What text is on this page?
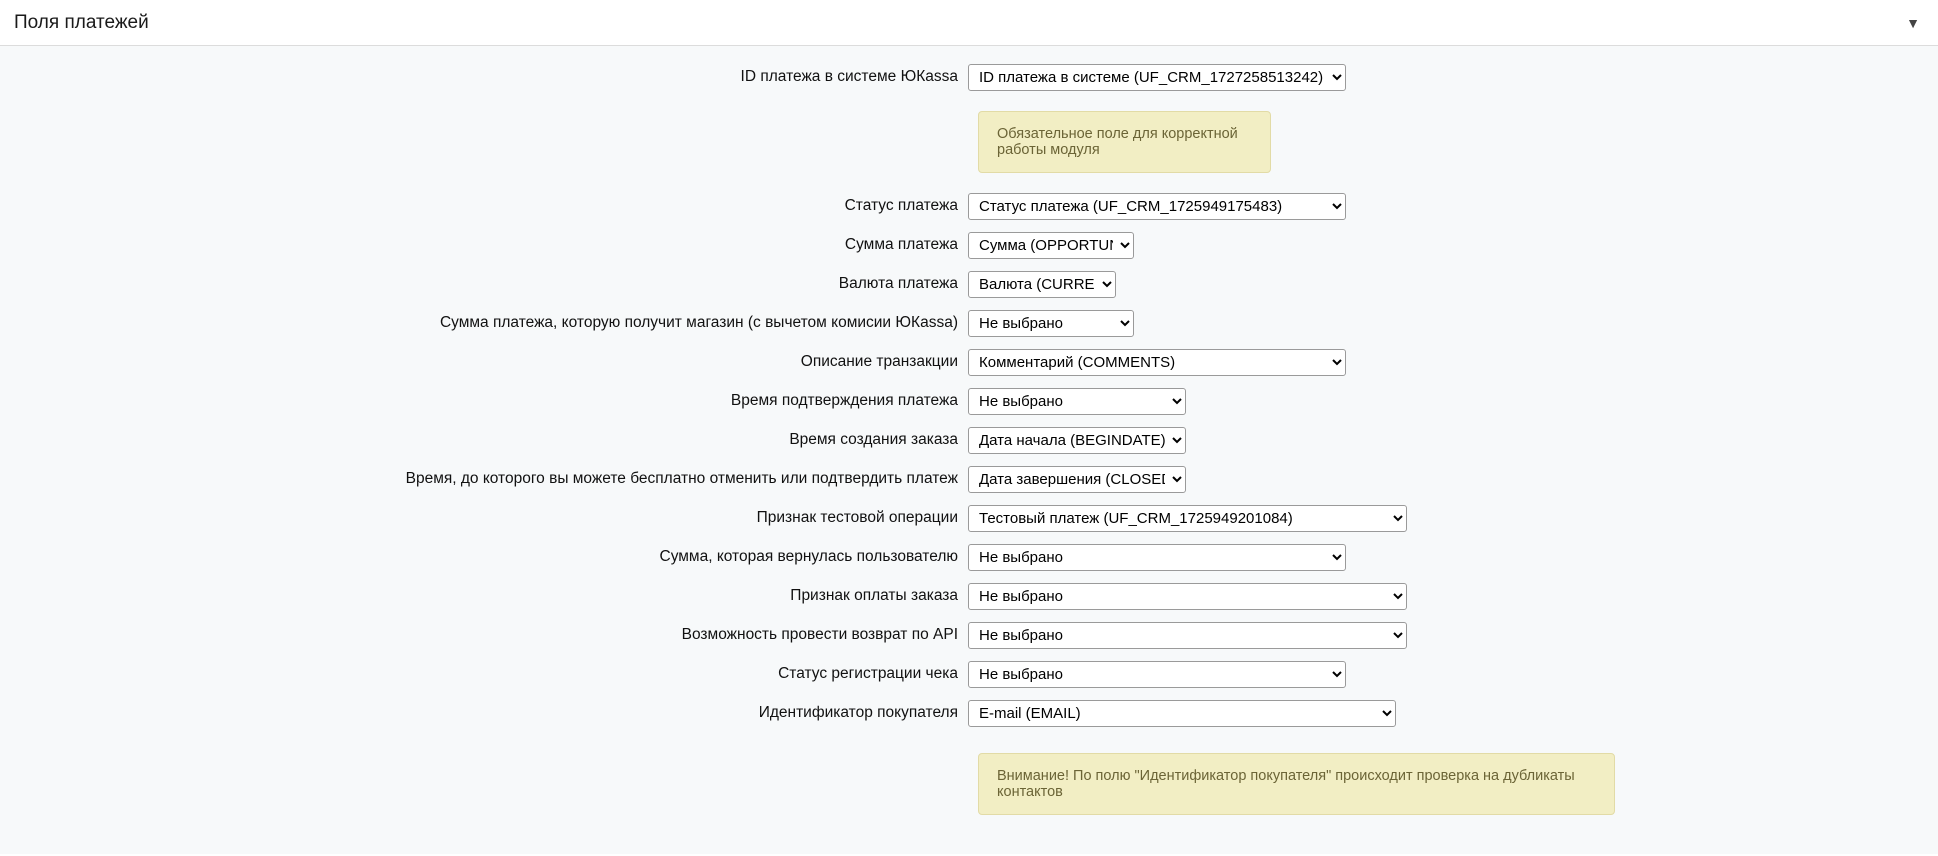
Поля платежей	▼
ID платежа в системе ЮКassa
ID платежа в системе (UF_CRM_1727258513242)
Обязательное поле для корректной работы модуля
Статус платежа
Статус платежа (UF_CRM_1725949175483)
Сумма платежа
Сумма (OPPORTUNITY)
Валюта платежа
Валюта (CURRENCY_ID)
Сумма платежа, которую получит магазин (с вычетом комисии ЮКassa)
Не выбрано
Описание транзакции
Комментарий (COMMENTS)
Время подтверждения платежа
Не выбрано
Время создания заказа
Дата начала (BEGINDATE)
Время, до которого вы можете бесплатно отменить или подтвердить платеж
Дата завершения (CLOSEDATE)
Признак тестовой операции
Тестовый платеж (UF_CRM_1725949201084)
Сумма, которая вернулась пользователю
Не выбрано
Признак оплаты заказа
Не выбрано
Возможность провести возврат по API
Не выбрано
Статус регистрации чека
Не выбрано
Идентификатор покупателя
E-mail (EMAIL)
Внимание! По полю "Идентификатор покупателя" происходит проверка на дубликаты контактов
